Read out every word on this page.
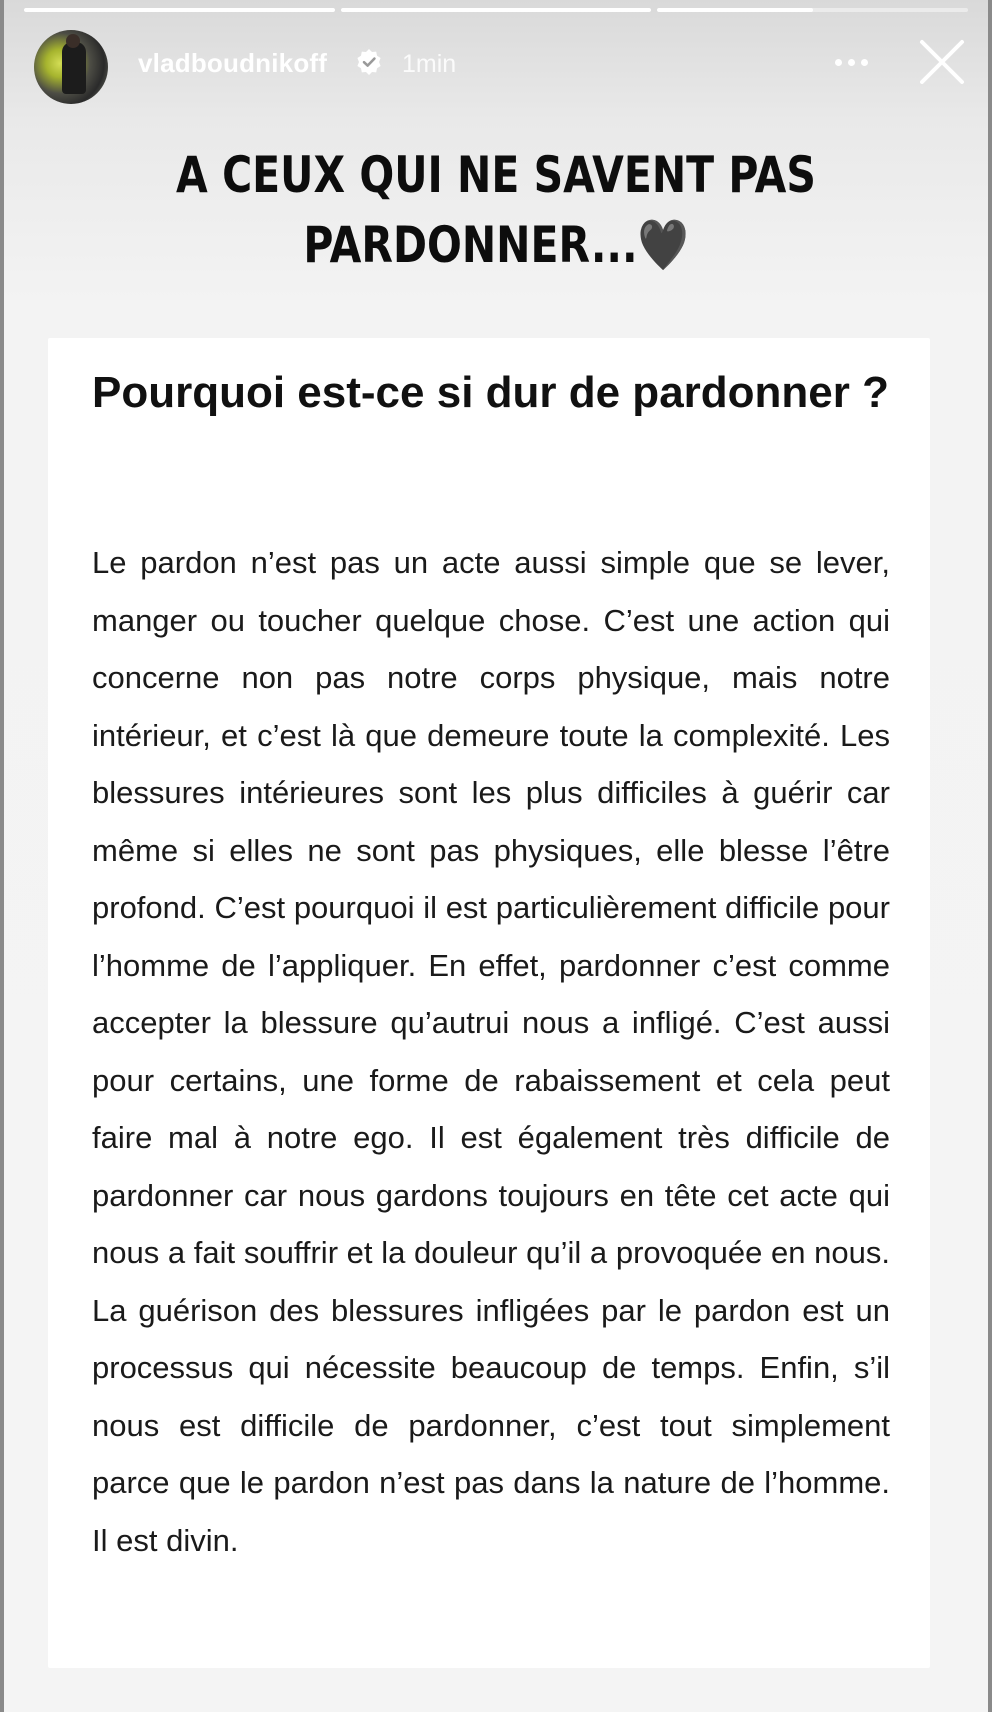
vladboudnikoff	1min
A CEUX QUI NE SAVENT PAS
PARDONNER...🖤
Pourquoi est-ce si dur de pardonner ?

Le pardon n’est pas un acte aussi simple que se lever, manger ou toucher quelque chose. C’est une action qui concerne non pas notre corps physique, mais notre intérieur, et c’est là que demeure toute la complexité. Les blessures intérieures sont les plus difficiles à guérir car même si elles ne sont pas physiques, elle blesse l’être profond. C’est pourquoi il est particulièrement difficile pour l’homme de l’appliquer. En effet, pardonner c’est comme accepter la blessure qu’autrui nous a infligé. C’est aussi pour certains, une forme de rabaissement et cela peut faire mal à notre ego. Il est également très difficile de pardonner car nous gardons toujours en tête cet acte qui nous a fait souffrir et la douleur qu’il a provoquée en nous. La guérison des blessures infligées par le pardon est un processus qui nécessite beaucoup de temps. Enfin, s’il nous est difficile de pardonner, c’est tout simplement parce que le pardon n’est pas dans la nature de l’homme. Il est divin.
